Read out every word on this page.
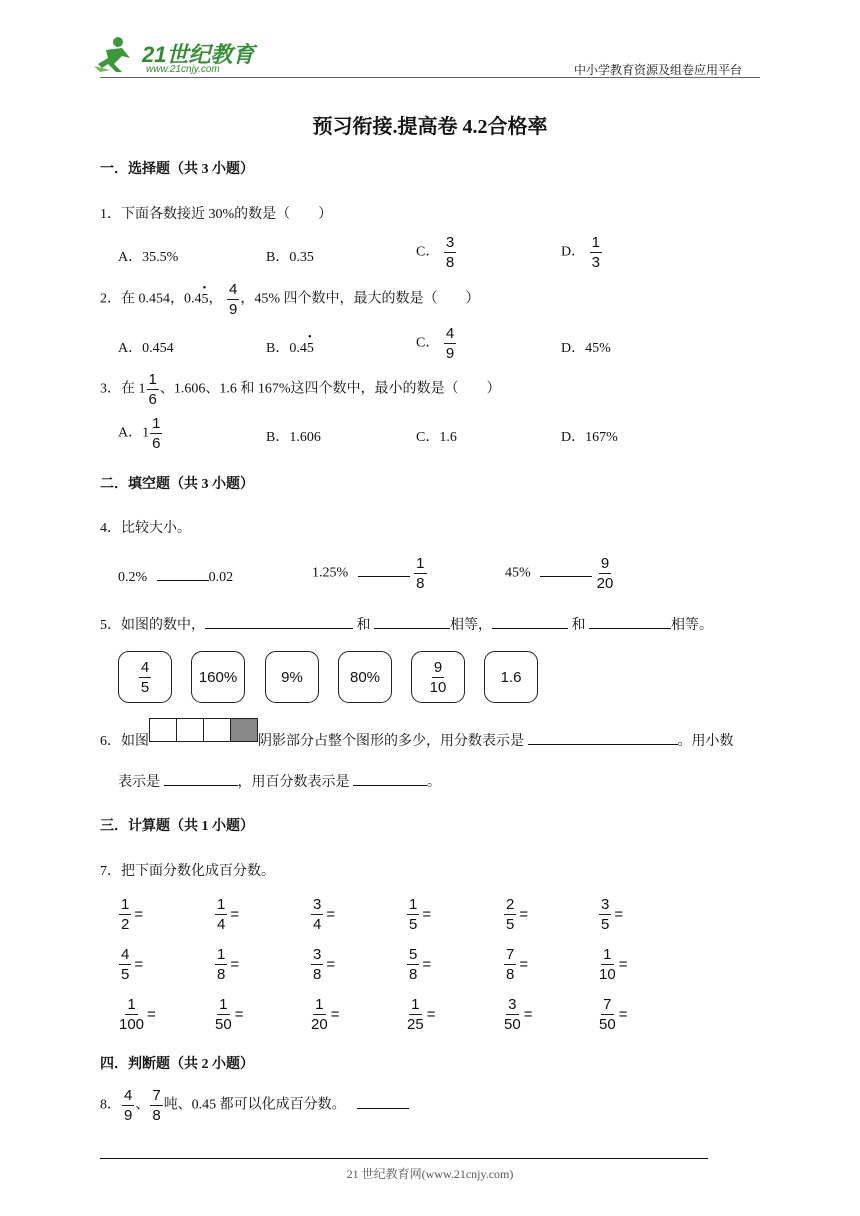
21世纪教育
www.21cnjy.com	中小学教育资源及组卷应用平台
预习衔接.提高卷 4.2合格率
一．选择题（共 3 小题）
1．下面各数接近 30%的数是（　　）
A．35.5%	B．0.35	C． $\frac{3}{8}$	D． $\frac{1}{3}$
2．在 0.454，0.4• 5， $\frac{4}{9}$ ，45% 四个数中，最大的数是（　　）
A．0.454	B．0.4• 5	C． $\frac{4}{9}$	D．45%
3．在 $1 \frac{1}{6}$ 、1.606、1.6 和 167%这四个数中，最小的数是（　　）
A．$1 \frac{1}{6}$	B．1.606	C．1.6	D．167%
二．填空题（共 3 小题）
4．比较大小。
0.2%	0.02	1.25%	$\frac{1}{8}$	45%	$\frac{9}{20}$
5．如图的数中，	和	相等，	和	相等。
$\frac{4}{5}$	160%	9%	80%	$\frac{9}{10}$	1.6
6．如图	阴影部分占整个图形的多少，用分数表示是	。用小数
表示是	，用百分数表示是	。
三．计算题（共 1 小题）
7．把下面分数化成百分数。
$\frac{1}{2}$ =	$\frac{1}{4}$ =	$\frac{3}{4}$ =	$\frac{1}{5}$ =	$\frac{2}{5}$ =	$\frac{3}{5}$ =
$\frac{4}{5}$ =	$\frac{1}{8}$ =	$\frac{3}{8}$ =	$\frac{5}{8}$ =	$\frac{7}{8}$ =	$\frac{1}{10}$ =
$\frac{1}{100}$ =	$\frac{1}{50}$ =	$\frac{1}{20}$ =	$\frac{1}{25}$ =	$\frac{3}{50}$ =	$\frac{7}{50}$ =
四．判断题（共 2 小题）
8． $\frac{4}{9}$ 、 $\frac{7}{8}$ 吨、0.45 都可以化成百分数。
21 世纪教育网(www.21cnjy.com)
